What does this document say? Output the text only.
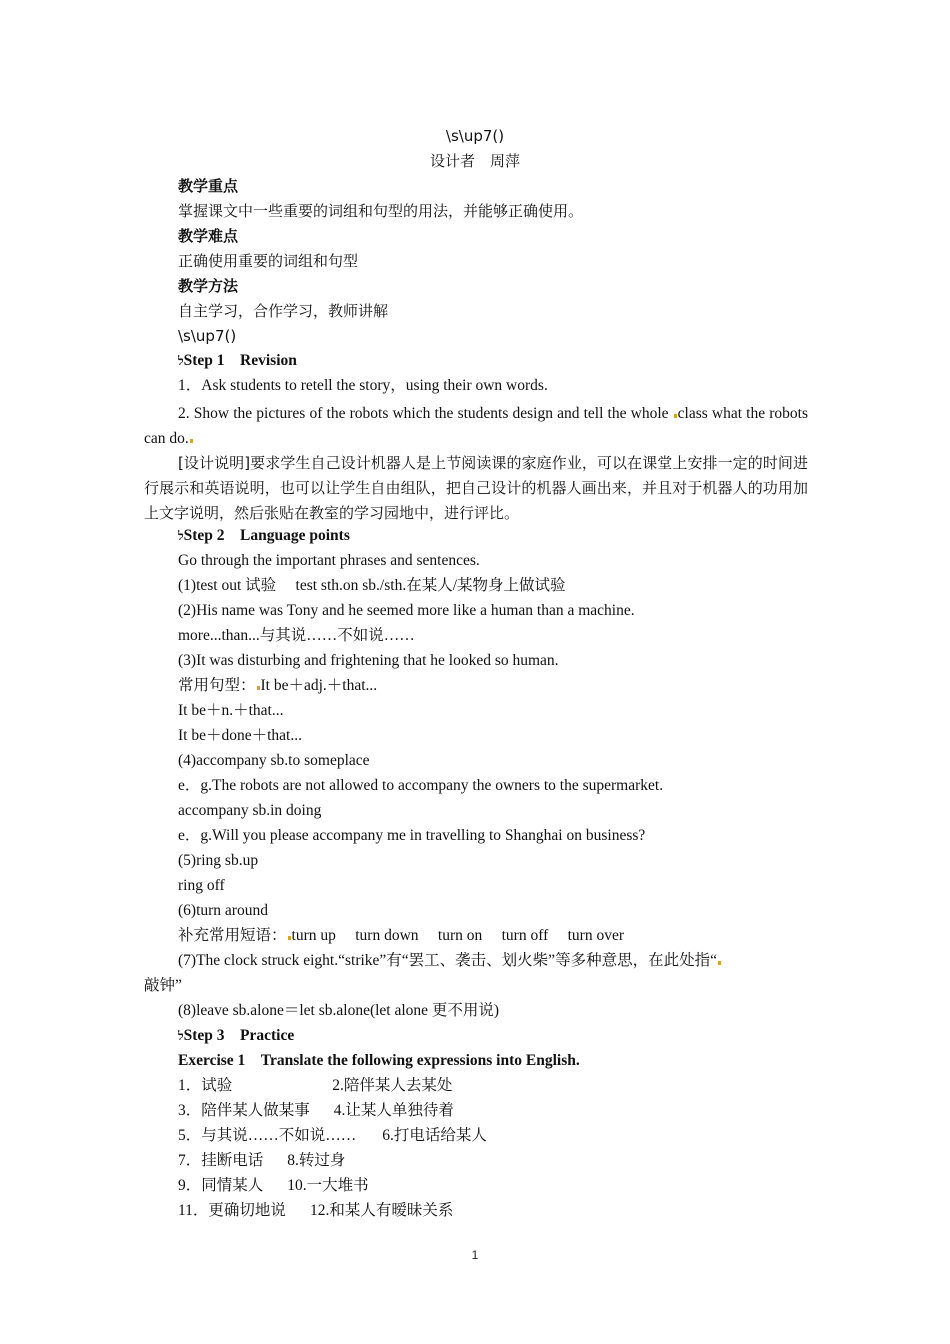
\s\up7()
设计者　周萍
教学重点
掌握课文中一些重要的词组和句型的用法，并能够正确使用。
教学难点
正确使用重要的词组和句型
教学方法
自主学习，合作学习，教师讲解
\s\up7()
לStep 1　Revision
1．Ask students to retell the story，using their own words.
2. Show the pictures of the robots which the students design and tell the whole class what the robots can do.
[设计说明]要求学生自己设计机器人是上节阅读课的家庭作业，可以在课堂上安排一定的时间进行展示和英语说明，也可以让学生自由组队，把自己设计的机器人画出来，并且对于机器人的功用加上文字说明，然后张贴在教室的学习园地中，进行评比。
לStep 2　Language points
Go through the important phrases and sentences.
(1)test out 试验　 test sth.on sb./sth.在某人/某物身上做试验
(2)His name was Tony and he seemed more like a human than a machine.
more...than...与其说……不如说……
(3)It was disturbing and frightening that he looked so human.
常用句型： It be＋adj.＋that...
It be＋n.＋that...
It be＋done＋that...
(4)accompany sb.to someplace
e．g.The robots are not allowed to accompany the owners to the supermarket.
accompany sb.in doing
e．g.Will you please accompany me in travelling to Shanghai on business?
(5)ring sb.up
ring off
(6)turn around
补充常用短语： turn up　 turn down　 turn on　 turn off　 turn over
(7)The clock struck eight.“strike”有“罢工、袭击、划火柴”等多种意思，在此处指“
敲钟”
(8)leave sb.alone＝let sb.alone(let alone 更不用说)
לStep 3　Practice
Exercise 1　Translate the following expressions into English.
1．试验	2.陪伴某人去某处
3．陪伴某人做某事 4.让某人单独待着
5．与其说……不如说…… 6.打电话给某人
7．挂断电话 8.转过身
9．同情某人 10.一大堆书
11．更确切地说 12.和某人有暧昧关系
1
